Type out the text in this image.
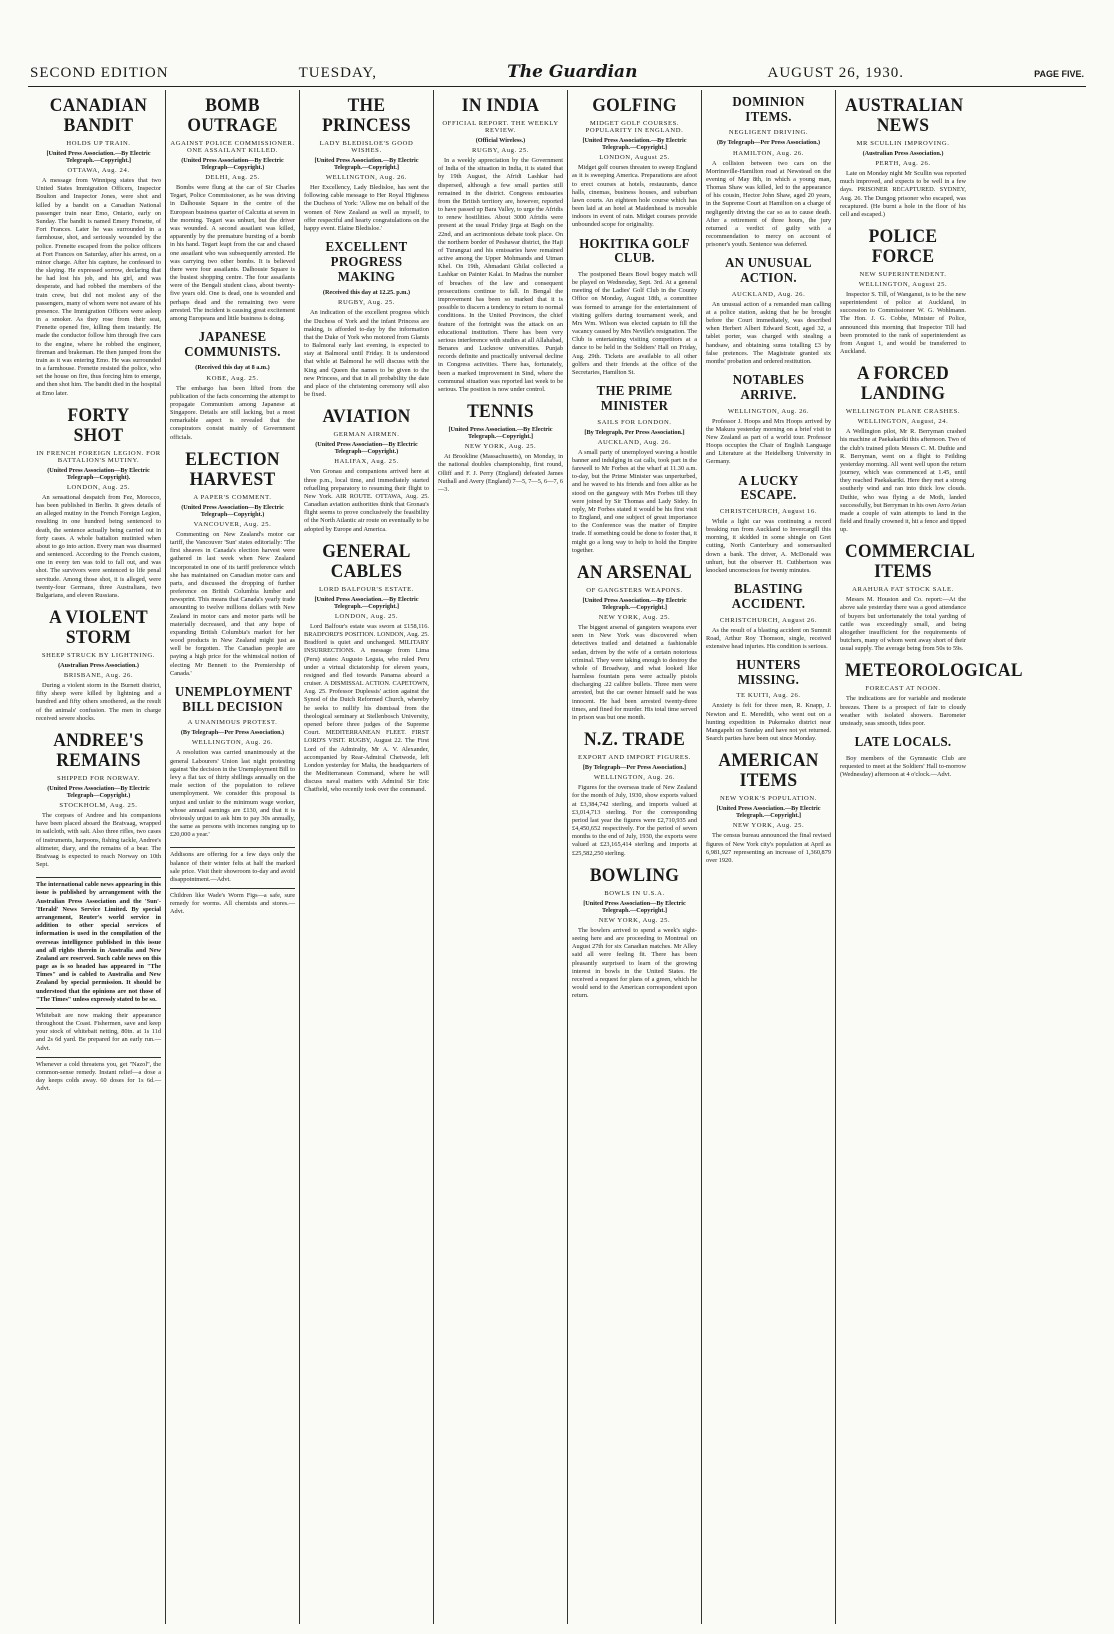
SECOND EDITION	TUESDAY,	The Guardian	AUGUST 26, 1930.	PAGE FIVE.
CANADIAN BANDIT
HOLDS UP TRAIN.
[United Press Association.—By Electric Telegraph.—Copyright.]
OTTAWA, Aug. 24.
A message from Winnipeg states that two United States Immigration Officers, Inspector Boulton and Inspector Jones, were shot and killed by a bandit on a Canadian National passenger train near Emo, Ontario, early on Sunday. The bandit is named Emery Frenette, of Fort Frances. Later he was surrounded in a farmhouse, shot, and seriously wounded by the police. Frenette escaped from the police officers at Fort Frances on Saturday, after his arrest, on a minor charge. After his capture, he confessed to the slaying. He expressed sorrow, declaring that he had lost his job, and his girl, and was desperate, and had robbed the members of the train crew, but did not molest any of the passengers, many of whom were not aware of his presence. The Immigration Officers were asleep in a smoker. As they rose from their seat, Frenette opened fire, killing them instantly. He made the conductor follow him through five cars to the engine, where he robbed the engineer, fireman and brakeman. He then jumped from the train as it was entering Emo. He was surrounded in a farmhouse. Frenette resisted the police, who set the house on fire, thus forcing him to emerge, and then shot him. The bandit died in the hospital at Emo later.
FORTY SHOT
IN FRENCH FOREIGN LEGION. FOR BATTALION'S MUTINY.
(United Press Association—By Electric Telegraph—Copyright).
LONDON, Aug. 25.
An sensational despatch from Fez, Morocco, has been published in Berlin. It gives details of an alleged mutiny in the French Foreign Legion, resulting in one hundred being sentenced to death, the sentence actually being carried out in forty cases. A whole battalion mutinied when about to go into action. Every man was disarmed and sentenced. According to the French custom, one in every ten was told to fall out, and was shot. The survivors were sentenced to life penal servitude. Among those shot, it is alleged, were twenty-four Germans, three Australians, two Bulgarians, and eleven Russians.
A VIOLENT STORM
SHEEP STRUCK BY LIGHTNING.
(Australian Press Association.)
BRISBANE, Aug. 26.
During a violent storm in the Burnett district, fifty sheep were killed by lightning and a hundred and fifty others smothered, as the result of the animals' confusion. The men in charge received severe shocks.
ANDREE'S REMAINS
SHIPPED FOR NORWAY.
(United Press Association—By Electric Telegraph—Copyright.)
STOCKHOLM, Aug. 25.
The corpses of Andree and his companions have been placed aboard the Bratvaag, wrapped in sailcloth, with salt. Also three rifles, two cases of instruments, harpoons, fishing tackle, Andree's altimeter, diary, and the remains of a bear. The Bratvaag is expected to reach Norway on 10th Sept.
The international cable news appearing in this issue is published by arrangement with the Australian Press Association and the 'Sun'-'Herald' News Service Limited. By special arrangement, Reuter's world service in addition to other special services of information is used in the compilation of the overseas intelligence published in this issue and all rights therein in Australia and New Zealand are reserved. Such cable news on this page as is so headed has appeared in "The Times" and is cabled to Australia and New Zealand by special permission. It should be understood that the opinions are not those of "The Times" unless expressly stated to be so.
Whitebait are now making their appearance throughout the Coast. Fishermen, save and keep your stock of whitebait netting, 80in. at 1s 11d and 2s 6d yard. Be prepared for an early run.—Advt.
Whenever a cold threatens you, get "Nazol", the common-sense remedy. Instant relief—a dose a day keeps colds away. 60 doses for 1s 6d.—Advt.
BOMB OUTRAGE
AGAINST POLICE COMMISSIONER. ONE ASSAILANT KILLED.
(United Press Association—By Electric Telegraph—Copyright.)
DELHI, Aug. 25.
Bombs were flung at the car of Sir Charles Tegart, Police Commissioner, as he was driving in Dalhousie Square in the centre of the European business quarter of Calcutta at seven in the morning. Tegart was unhurt, but the driver was wounded. A second assailant was killed, apparently by the premature bursting of a bomb in his hand. Tegart leapt from the car and chased one assailant who was subsequently arrested. He was carrying two other bombs. It is believed there were four assailants. Dalhousie Square is the busiest shopping centre. The four assailants were of the Bengali student class, about twenty-five years old. One is dead, one is wounded and perhaps dead and the remaining two were arrested. The incident is causing great excitement among Europeans and little business is doing.
JAPANESE COMMUNISTS.
(Received this day at 8 a.m.)
KOBE, Aug. 25.
The embargo has been lifted from the publication of the facts concerning the attempt to propagate Communism among Japanese at Singapore. Details are still lacking, but a most remarkable aspect is revealed that the conspirators consist mainly of Government officials.
ELECTION HARVEST
A PAPER'S COMMENT.
(United Press Association—By Electric Telegraph—Copyright.)
VANCOUVER, Aug. 25.
Commenting on New Zealand's motor car tariff, the Vancouver 'Sun' states editorially: 'The first sheaves in Canada's election harvest were gathered in last week when New Zealand incorporated in one of its tariff preference which she has maintained on Canadian motor cars and parts, and discussed the dropping of further preference on British Columbia lumber and newsprint. This means that Canada's yearly trade amounting to twelve millions dollars with New Zealand in motor cars and motor parts will be materially decreased, and that any hope of expanding British Columbia's market for her wood products in New Zealand might just as well be forgotten. The Canadian people are paying a high price for the whimsical notion of electing Mr Bennett to the Premiership of Canada.'
UNEMPLOYMENT BILL DECISION
A UNANIMOUS PROTEST.
(By Telegraph—Per Press Association.)
WELLINGTON, Aug. 26.
A resolution was carried unanimously at the general Labourers' Union last night protesting against 'the decision in the Unemployment Bill to levy a flat tax of thirty shillings annually on the male section of the population to relieve unemployment. We consider this proposal is unjust and unfair to the minimum wage worker, whose annual earnings are £130, and that it is obviously unjust to ask him to pay 30s annually, the same as persons with incomes ranging up to £20,000 a year.'
Addisons are offering for a few days only the balance of their winter felts at half the marked sale price. Visit their showroom to-day and avoid disappointment.—Advt.
Children like Wade's Worm Figs—a safe, sure remedy for worms. All chemists and stores.—Advt.
THE PRINCESS
LADY BLEDISLOE'S GOOD WISHES.
[United Press Association.—By Electric Telegraph.—Copyright.]
WELLINGTON, Aug. 26.
Her Excellency, Lady Bledisloe, has sent the following cable message to Her Royal Highness the Duchess of York: 'Allow me on behalf of the women of New Zealand as well as myself, to offer respectful and hearty congratulations on the happy event. Elaine Bledisloe.'
EXCELLENT PROGRESS MAKING
(Received this day at 12.25. p.m.)
RUGBY, Aug. 25.
An indication of the excellent progress which the Duchess of York and the infant Princess are making, is afforded to-day by the information that the Duke of York who motored from Glamis to Balmoral early last evening, is expected to stay at Balmoral until Friday. It is understood that while at Balmoral he will discuss with the King and Queen the names to be given to the new Princess, and that in all probability the date and place of the christening ceremony will also be fixed.
AVIATION
GERMAN AIRMEN.
(United Press Association—By Electric Telegraph—Copyright.)
HALIFAX, Aug. 25.
Von Gronau and companions arrived here at three p.m., local time, and immediately started refuelling preparatory to resuming their flight to New York. AIR ROUTE. OTTAWA, Aug. 25. Canadian aviation authorities think that Gronau's flight seems to prove conclusively the feasibility of the North Atlantic air route on eventually to be adopted by Europe and America.
GENERAL CABLES
LORD BALFOUR'S ESTATE.
[United Press Association.—By Electric Telegraph.—Copyright.]
LONDON, Aug. 25.
Lord Balfour's estate was sworn at £158,116. BRADFORD'S POSITION. LONDON, Aug. 25. Bradford is quiet and unchanged. MILITARY INSURRECTIONS. A message from Lima (Peru) states: Augusto Leguia, who ruled Peru under a virtual dictatorship for eleven years, resigned and fled towards Panama aboard a cruiser. A DISMISSAL ACTION. CAPETOWN, Aug. 25. Professor Duplessis' action against the Synod of the Dutch Reformed Church, whereby he seeks to nullify his dismissal from the theological seminary at Stellenbosch University, opened before three judges of the Supreme Court. MEDITERRANEAN FLEET. FIRST LORD'S VISIT. RUGBY, August 22. The First Lord of the Admiralty, Mr A. V. Alexander, accompanied by Rear-Admiral Chetwode, left London yesterday for Malta, the headquarters of the Mediterranean Command, where he will discuss naval matters with Admiral Sir Eric Chatfield, who recently took over the command.
IN INDIA
OFFICIAL REPORT. THE WEEKLY REVIEW.
(Official Wireless.)
RUGBY, Aug. 25.
In a weekly appreciation by the Government of India of the situation in India, it is stated that by 19th August, the Afridi Lashkar had dispersed, although a few small parties still remained in the district. Congress emissaries from the British territory are, however, reported to have passed up Bara Valley, to urge the Afridis to renew hostilities. About 3000 Afridis were present at the usual Friday jirga at Bagh on the 22nd, and an acrimonious debate took place. On the northern border of Peshawar district, the Haji of Turangzai and his emissaries have remained active among the Upper Mohmands and Utman Khel. On 19th, Ahmadani Ghilai collected a Lashkar on Painter Kalai. In Madras the number of breaches of the law and consequent prosecutions continue to fall. In Bengal the improvement has been so marked that it is possible to discern a tendency to return to normal conditions. In the United Provinces, the chief feature of the fortnight was the attack on an educational institution. There has been very serious interference with studies at all Allahabad, Benares and Lucknow universities. Punjab records definite and practically universal decline in Congress activities. There has, fortunately, been a marked improvement in Sind, where the communal situation was reported last week to be serious. The position is now under control.
TENNIS
[United Press Association.—By Electric Telegraph.—Copyright.]
NEW YORK, Aug. 25.
At Brookline (Massachusetts), on Monday, in the national doubles championship, first round, Olliff and F. J. Perry (England) defeated James Nuthall and Avery (England) 7—5, 7—5, 6—7, 6—3.
GOLFING
MIDGET GOLF COURSES. POPULARITY IN ENGLAND.
[United Press Association.—By Electric Telegraph.—Copyright.]
LONDON, August 25.
Midget golf courses threaten to sweep England as it is sweeping America. Preparations are afoot to erect courses at hotels, restaurants, dance halls, cinemas, business houses, and suburban lawn courts. An eighteen hole course which has been laid at an hotel at Maidenhead is movable indoors in event of rain. Midget courses provide unbounded scope for originality.
HOKITIKA GOLF CLUB.
The postponed Bears Bowl bogey match will be played on Wednesday, Sept. 3rd. At a general meeting of the Ladies' Golf Club in the County Office on Monday, August 18th, a committee was formed to arrange for the entertainment of visiting golfers during tournament week, and Mrs Wm. Wilson was elected captain to fill the vacancy caused by Mrs Neville's resignation. The Club is entertaining visiting competitors at a dance to be held in the Soldiers' Hall on Friday, Aug. 29th. Tickets are available to all other golfers and their friends at the office of the Secretaries, Hamilton St.
THE PRIME MINISTER
SAILS FOR LONDON.
[By Telegraph, Per Press Association.]
AUCKLAND, Aug. 26.
A small party of unemployed waving a hostile banner and indulging in cat calls, took part in the farewell to Mr Forbes at the wharf at 11.30 a.m. to-day, but the Prime Minister was unperturbed, and he waved to his friends and foes alike as he stood on the gangway with Mrs Forbes till they were joined by Sir Thomas and Lady Sidey. In reply, Mr Forbes stated it would be his first visit to England, and one subject of great importance to the Conference was the matter of Empire trade. If something could be done to foster that, it might go a long way to help to hold the Empire together.
AN ARSENAL
OF GANGSTERS WEAPONS.
[United Press Association.—By Electric Telegraph.—Copyright.]
NEW YORK, Aug. 25.
The biggest arsenal of gangsters weapons ever seen in New York was discovered when detectives trailed and detained a fashionable sedan, driven by the wife of a certain notorious criminal. They were taking enough to destroy the whole of Broadway, and what looked like harmless fountain pens were actually pistols discharging .22 calibre bullets. Three men were arrested, but the car owner himself said he was innocent. He had been arrested twenty-three times, and fined for murder. His total time served in prison was but one month.
N.Z. TRADE
EXPORT AND IMPORT FIGURES.
[By Telegraph—Per Press Association.]
WELLINGTON, Aug. 26.
Figures for the overseas trade of New Zealand for the month of July, 1930, show exports valued at £3,384,742 sterling, and imports valued at £3,014,713 sterling. For the corresponding period last year the figures were £2,710,935 and £4,450,652 respectively. For the period of seven months to the end of July, 1930, the exports were valued at £23,165,414 sterling and imports at £25,582,250 sterling.
BOWLING
BOWLS IN U.S.A.
[United Press Association—By Electric Telegraph.—Copyright.]
NEW YORK, Aug. 25.
The bowlers arrived to spend a week's sight-seeing here and are proceeding to Montreal on August 27th for six Canadian matches. Mr Alley said all were feeling fit. There has been pleasantly surprised to learn of the growing interest in bowls in the United States. He received a request for plans of a green, which he would send to the American correspondent upon return.
DOMINION ITEMS.
NEGLIGENT DRIVING.
(By Telegraph—Per Press Association.)
HAMILTON, Aug. 26.
A collision between two cars on the Morrinsville-Hamilton road at Newstead on the evening of May 8th, in which a young man, Thomas Shaw was killed, led to the appearance of his cousin, Hector John Shaw, aged 20 years, in the Supreme Court at Hamilton on a charge of negligently driving the car so as to cause death. After a retirement of three hours, the jury returned a verdict of guilty with a recommendation to mercy on account of prisoner's youth. Sentence was deferred.
AN UNUSUAL ACTION.
AUCKLAND, Aug. 26.
An unusual action of a remanded man calling at a police station, asking that he be brought before the Court immediately, was described when Herbert Albert Edward Scott, aged 32, a tablet porter, was charged with stealing a handsaw, and obtaining sums totalling £3 by false pretences. The Magistrate granted six months' probation and ordered restitution.
NOTABLES ARRIVE.
WELLINGTON, Aug. 26.
Professor J. Hoops and Mrs Hoops arrived by the Makura yesterday morning on a brief visit to New Zealand as part of a world tour. Professor Hoops occupies the Chair of English Language and Literature at the Heidelberg University in Germany.
A LUCKY ESCAPE.
CHRISTCHURCH, August 16.
While a light car was continuing a record breaking run from Auckland to Invercargill this morning, it skidded in some shingle on Gret cutting, North Canterbury and somersaulted down a bank. The driver, A. McDonald was unhurt, but the observer H. Cuthbertson was knocked unconscious for twenty minutes.
BLASTING ACCIDENT.
CHRISTCHURCH, August 26.
As the result of a blasting accident on Summit Road, Arthur Roy Thomson, single, received extensive head injuries. His condition is serious.
HUNTERS MISSING.
TE KUITI, Aug. 26.
Anxiety is felt for three men, R. Knapp, J. Newton and E. Meredith, who went out on a hunting expedition in Pukemako district near Mangapehi on Sunday and have not yet returned. Search parties have been out since Monday.
AMERICAN ITEMS
NEW YORK'S POPULATION.
[United Press Association.—By Electric Telegraph.—Copyright.]
NEW YORK, Aug. 25.
The census bureau announced the final revised figures of New York city's population at April as 6,981,927 representing an increase of 1,360,879 over 1920.
AUSTRALIAN NEWS
MR SCULLIN IMPROVING.
(Australian Press Association.)
PERTH, Aug. 26.
Late on Monday night Mr Scullin was reported much improved, and expects to be well in a few days. PRISONER RECAPTURED. SYDNEY, Aug. 26. The Dungog prisoner who escaped, was recaptured. (He burnt a hole in the floor of his cell and escaped.)
POLICE FORCE
NEW SUPERINTENDENT.
WELLINGTON, August 25.
Inspector S. Till, of Wanganui, is to be the new superintendent of police at Auckland, in succession to Commissioner W. G. Wohlmann. The Hon. J. G. Cobbe, Minister of Police, announced this morning that Inspector Till had been promoted to the rank of superintendent as from August 1, and would be transferred to Auckland.
A FORCED LANDING
WELLINGTON PLANE CRASHES.
WELLINGTON, August, 24.
A Wellington pilot, Mr R. Berryman crashed his machine at Paekakariki this afternoon. Two of the club's trained pilots Messrs C. M. Duthie and R. Berryman, went on a flight to Feilding yesterday morning. All went well upon the return journey, which was commenced at 1.45, until they reached Paekakariki. Here they met a strong southerly wind and ran into thick low clouds. Duthie, who was flying a de Moth, landed successfully, but Berryman in his own Avro Avian made a couple of vain attempts to land in the field and finally crowned it, hit a fence and tipped up.
COMMERCIAL ITEMS
ARAHURA FAT STOCK SALE.
Messrs M. Houston and Co. report:—At the above sale yesterday there was a good attendance of buyers but unfortunately the total yarding of cattle was exceedingly small, and being altogether insufficient for the requirements of butchers, many of whom went away short of their usual supply. The average being from 50s to 59s.
METEOROLOGICAL
FORECAST AT NOON.
The indications are for variable and moderate breezes. There is a prospect of fair to cloudy weather with isolated showers. Barometer unsteady, seas smooth, tides poor.
LATE LOCALS.
Boy members of the Gymnastic Club are requested to meet at the Soldiers' Hall to-morrow (Wednesday) afternoon at 4 o'clock.—Advt.
